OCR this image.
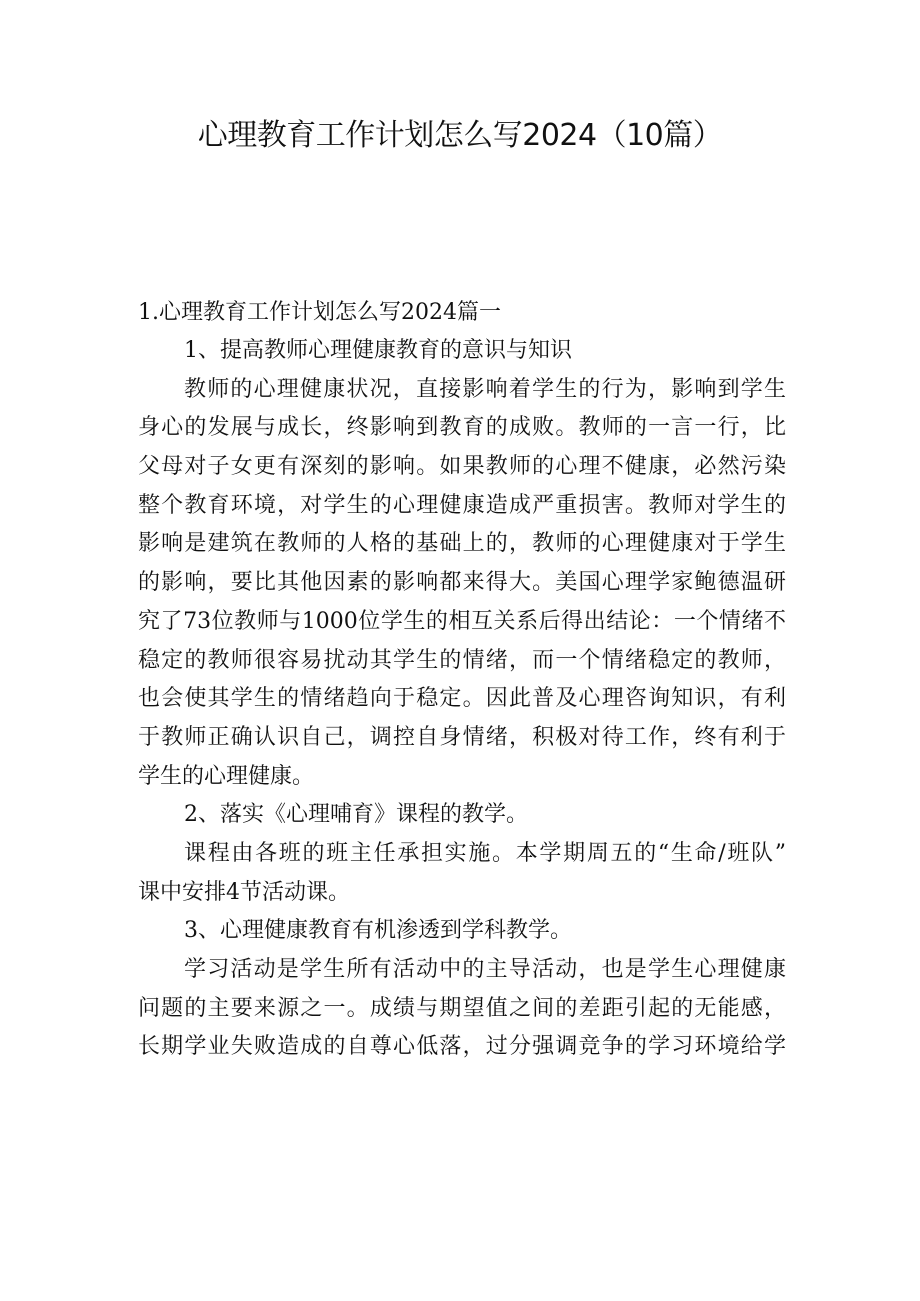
心理教育工作计划怎么写2024（10篇）
1.心理教育工作计划怎么写2024篇一

1、提高教师心理健康教育的意识与知识

教师的心理健康状况，直接影响着学生的行为，影响到学生

身心的发展与成长，终影响到教育的成败。教师的一言一行，比

父母对子女更有深刻的影响。如果教师的心理不健康，必然污染

整个教育环境，对学生的心理健康造成严重损害。教师对学生的

影响是建筑在教师的人格的基础上的，教师的心理健康对于学生

的影响，要比其他因素的影响都来得大。美国心理学家鲍德温研

究了73位教师与1000位学生的相互关系后得出结论：一个情绪不

稳定的教师很容易扰动其学生的情绪，而一个情绪稳定的教师，

也会使其学生的情绪趋向于稳定。因此普及心理咨询知识，有利

于教师正确认识自己，调控自身情绪，积极对待工作，终有利于

学生的心理健康。

2、落实《心理哺育》课程的教学。

课程由各班的班主任承担实施。本学期周五的“生命/班队”

课中安排4节活动课。

3、心理健康教育有机渗透到学科教学。

学习活动是学生所有活动中的主导活动，也是学生心理健康

问题的主要来源之一。成绩与期望值之间的差距引起的无能感，

长期学业失败造成的自尊心低落，过分强调竞争的学习环境给学
